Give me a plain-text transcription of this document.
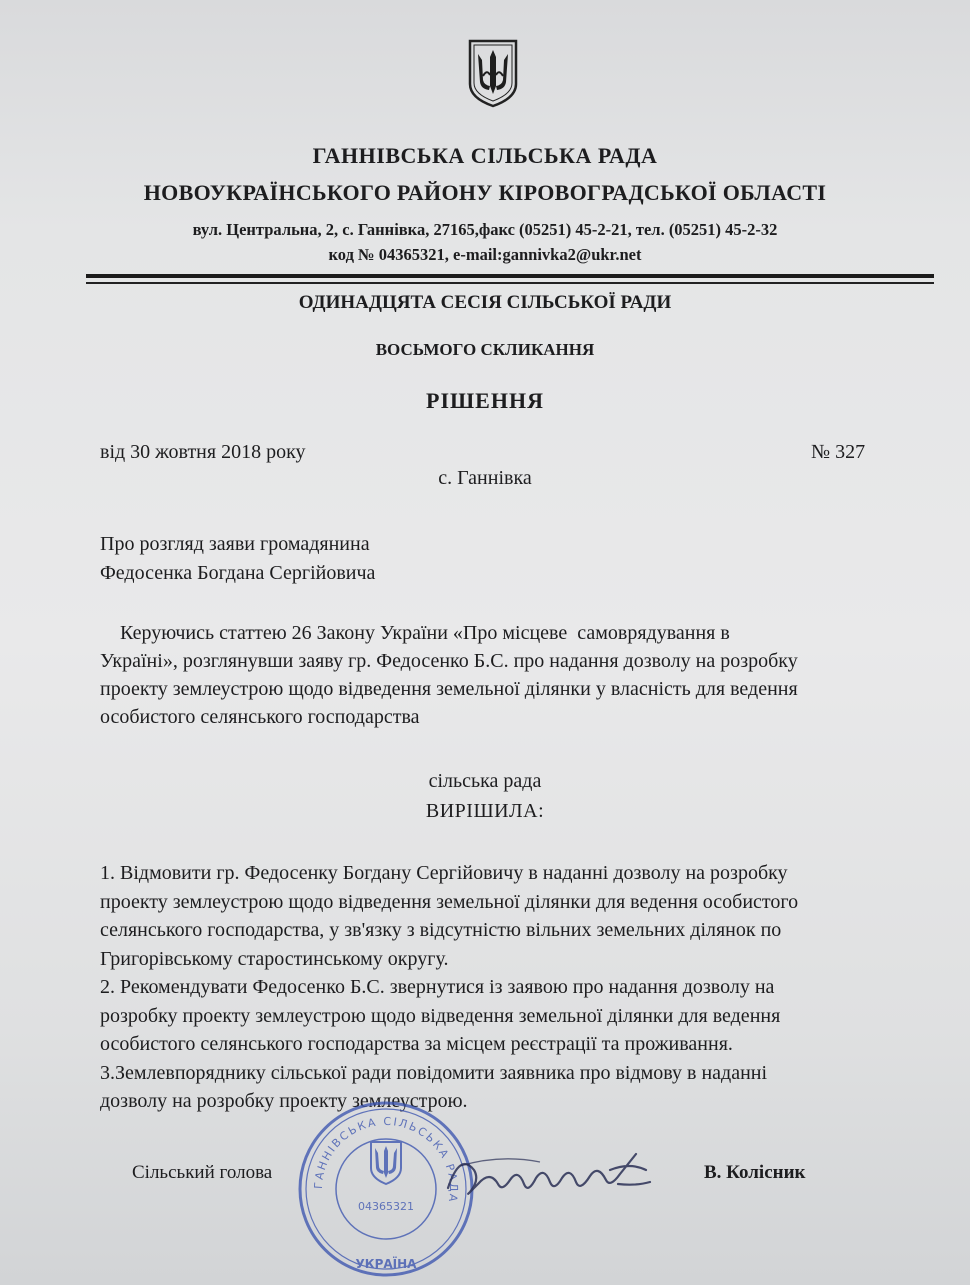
ГАННІВСЬКА СІЛЬСЬКА РАДА
НОВОУКРАЇНСЬКОГО РАЙОНУ КІРОВОГРАДСЬКОЇ ОБЛАСТІ
вул. Центральна, 2, с. Ганнівка, 27165,факс (05251) 45-2-21, тел. (05251) 45-2-32
код № 04365321, e-mail:gannivka2@ukr.net
ОДИНАДЦЯТА СЕСІЯ СІЛЬСЬКОЇ РАДИ
ВОСЬМОГО СКЛИКАННЯ
РІШЕННЯ
від 30 жовтня 2018 року	№ 327
с. Ганнівка
Про розгляд заяви громадянина
Федосенка Богдана Сергійовича
Керуючись статтею 26 Закону України «Про місцеве  самоврядування в
Україні», розглянувши заяву гр. Федосенко Б.С. про надання дозволу на розробку
проекту землеустрою щодо відведення земельної ділянки у власність для ведення
особистого селянського господарства
сільська рада
ВИРІШИЛА:
1. Відмовити гр. Федосенку Богдану Сергійовичу в наданні дозволу на розробку
проекту землеустрою щодо відведення земельної ділянки для ведення особистого
селянського господарства, у зв'язку з відсутністю вільних земельних ділянок по
Григорівському старостинському округу.
2. Рекомендувати Федосенко Б.С. звернутися із заявою про надання дозволу на
розробку проекту землеустрою щодо відведення земельної ділянки для ведення
особистого селянського господарства за місцем реєстрації та проживання.
3.Землевпоряднику сільської ради повідомити заявника про відмову в наданні
дозволу на розробку проекту землеустрою.
Сільський голова	В. Колісник
ГАННІВСЬКА СІЛЬСЬКА РАДА
04365321
УКРАЇНА
